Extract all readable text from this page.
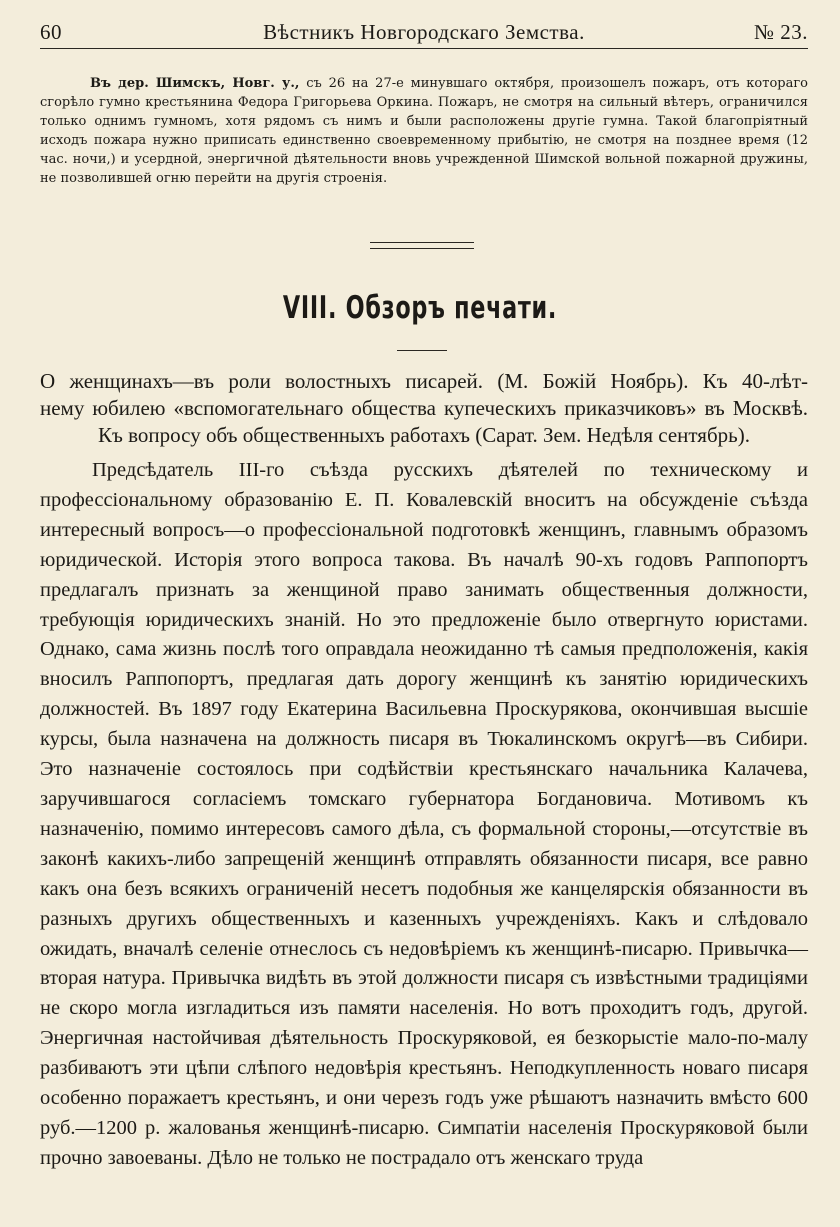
60	Вѣстникъ Новгородскаго Земства.	№ 23.

Въ дер. Шимскъ, Новг. у., съ 26 на 27-е минувшаго октября, произошелъ пожаръ, отъ котораго сгорѣло гумно крестьянина Федора Григорьева Оркина. Пожаръ, не смотря на сильный вѣтеръ, ограничился только однимъ гумномъ, хотя рядомъ съ нимъ и были расположены другіе гумна. Такой благопріятный исходъ пожара нужно приписать единственно своевременному прибытію, не смотря на позднее время (12 час. ночи,) и усердной, энергичной дѣятельности вновь учрежденной Шимской вольной пожарной дружины, не позволившей огню перейти на другія строенія.

VIII. Обзоръ печати.
О женщинахъ—въ роли волостныхъ писарей. (М. Божій Ноябрь). Къ 40-лѣт-
нему юбилею «вспомогательнаго общества купеческихъ приказчиковъ» въ Москвѣ.
Къ вопросу объ общественныхъ работахъ (Сарат. Зем. Недѣля сентябрь).

Предсѣдатель III-го съѣзда русскихъ дѣятелей по техническому и професcіональному образованію Е. П. Ковалевскій вноситъ на обсужденіе съѣзда интересный вопросъ—о професcіональной подготовкѣ женщинъ, главнымъ образомъ юридической. Исторія этого вопроса такова. Въ началѣ 90-хъ годовъ Раппопортъ предлагалъ признать за женщиной право занимать общественныя должности, требующія юридическихъ знаній. Но это предложеніе было отвергнуто юристами. Однако, сама жизнь послѣ того оправдала неожиданно тѣ самыя предположенія, какія вносилъ Раппопортъ, предлагая дать дорогу женщинѣ къ занятію юридическихъ должностей. Въ 1897 году Екатерина Васильевна Проскурякова, окончившая высшіе курсы, была назначена на должность писаря въ Тюкалинскомъ округѣ—въ Сибири. Это назначеніе состоялось при содѣйствіи крестьянскаго начальника Калачева, заручившагося согласіемъ томскаго губернатора Богдановича. Мотивомъ къ назначенію, помимо интересовъ самого дѣла, съ формальной стороны,—отсутствіе въ законѣ какихъ-либо запрещеній женщинѣ отправлять обязанности писаря, все равно какъ она безъ всякихъ ограниченій несетъ подобныя же канцелярскія обязанности въ разныхъ другихъ общественныхъ и казенныхъ учрежденіяхъ. Какъ и слѣдовало ожидать, вначалѣ селеніе отнеслось съ недовѣріемъ къ женщинѣ-писарю. Привычка—вторая натура. Привычка видѣть въ этой должности писаря съ извѣстными традиціями не скоро могла изгладиться изъ памяти населенія. Но вотъ проходитъ годъ, другой. Энергичная настойчивая дѣятельность Проскуряковой, ея безкорыстіе мало-по-малу разбиваютъ эти цѣпи слѣпого недовѣрія крестьянъ. Неподкупленность новаго писаря особенно поражаетъ крестьянъ, и они черезъ годъ уже рѣшаютъ назначить вмѣсто 600 руб.—1200 р. жалованья женщинѣ-писарю. Симпатіи населенія Проскуряковой были прочно завоеваны. Дѣло не только не пострадало отъ женскаго труда
